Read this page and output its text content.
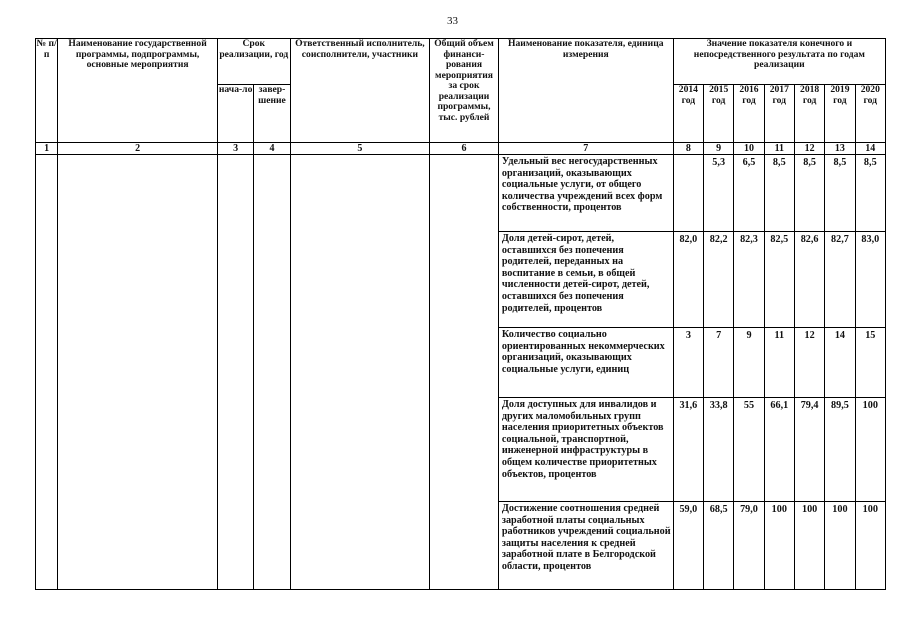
33
№ п/п	Наименование государственной программы, подпрограммы, основные мероприятия	Срок реализации, год		Ответственный исполнитель, соисполнители, участники	Общий объем финанси-рования мероприятия за срок реализации программы, тыс. рублей	Наименование показателя, единица измерения	Значение показателя конечного и непосредственного результата по годам реализации						
		нача-ло	завер-шение				2014 год	2015 год	2016 год	2017 год	2018 год	2019 год	2020 год
1	2	3	4	5	6	7	8	9	10	11	12	13	14
						Удельный вес негосударственных организаций, оказывающих социальные услуги, от общего количества учреждений всех форм собственности, процентов		5,3	6,5	8,5	8,5	8,5	8,5

						Доля детей-сирот, детей, оставшихся без попечения родителей, переданных на воспитание в семьи, в общей численности детей-сирот, детей, оставшихся без попечения родителей, процентов	82,0	82,2	82,3	82,5	82,6	82,7	83,0

						Количество социально ориентированных некоммерческих организаций, оказывающих социальные услуги, единиц	3	7	9	11	12	14	15

						Доля доступных для инвалидов и других маломобильных групп населения приоритетных объектов социальной, транспортной, инженерной инфраструктуры в общем количестве приоритетных объектов, процентов	31,6	33,8	55	66,1	79,4	89,5	100

						Достижение соотношения средней заработной платы социальных работников учреждений социальной защиты населения к средней заработной плате в Белгородской области, процентов	59,0	68,5	79,0	100	100	100	100
